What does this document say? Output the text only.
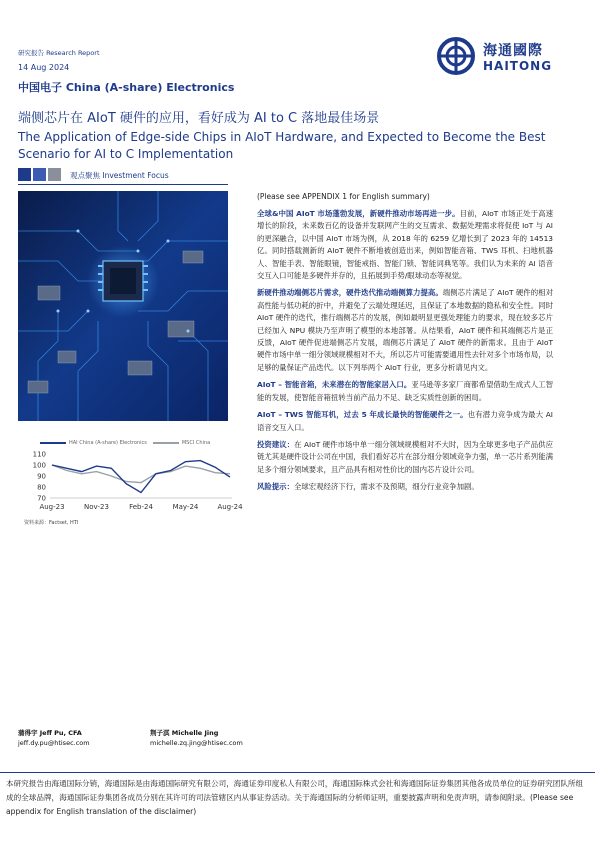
研究报告 Research Report
14 Aug 2024
中国电子 China (A-share) Electronics
端侧芯片在 AIoT 硬件的应用，看好成为 AI to C 落地最佳场景
The Application of Edge-side Chips in AIoT Hardware, and Expected to Become the Best Scenario for AI to C Implementation
海通國際
HAITONG
观点聚焦 Investment Focus
HAI China (A-share) Electronics	MSCI China
70
80
90
100
110
Aug-23	Nov-23	Feb-24	May-24	Aug-24
资料来源：Factset, HTI
(Please see APPENDIX 1 for English summary)

全球&中国 AIoT 市场蓬勃发展，新硬件推动市场再进一步。目前，AIoT 市场正处于高速增长的阶段，未来数百亿的设备并发联网产生的交互需求、数据处理需求将促使 IoT 与 AI 的更深融合，以中国 AIoT 市场为例，从 2018 年的 6259 亿增长到了 2023 年的 14513 亿。同时搭载测新的 AIoT 硬件不断地被创造出来，例如智能音箱、TWS 耳机、扫地机器人、智能手表、智能眼镜，智能戒指、智能门锁、智能词典笔等。我们认为未来的 AI 语音交互入口可能是多硬件并存的，且拓展到手势/眼球动态等视觉。

新硬件推动端侧芯片需求，硬件迭代推动端侧算力提高。端侧芯片满足了 AIoT 硬件的相对高性能与低功耗的折中，并避免了云端处理延迟，且保证了本地数据的隐私和安全性。同时 AIoT 硬件的迭代，推行端侧芯片的发展，例如最明显更强处理能力的要求，现在较多芯片已经加入 NPU 模块乃至声明了模型的本地部署。从结果看，AIoT 硬件和其端侧芯片是正反馈，AIoT 硬件促进端侧芯片发展，端侧芯片满足了 AIoT 硬件的新需求。且由于 AIoT 硬件市场中单一细分领域规模相对不大，所以芯片可能需要通用性去针对多个市场布局，以足够的量保证产品迭代。以下列举两个 AIoT 行业，更多分析请见内文。

AIoT – 智能音箱，未来潜在的智能家居入口。亚马逊等多家厂商都希望借助生成式人工智能的发展，使智能音箱扭转当前产品力不足、缺乏实质性创新的困局。

AIoT – TWS 智能耳机，过去 5 年成长最快的智能硬件之一。也有潜力竞争成为最大 AI 语音交互入口。

投资建议：在 AIoT 硬件市场中单一细分领域规模相对不大时，因为全球更多电子产品供应链尤其是硬件设计公司在中国，我们看好芯片在部分细分领域竞争力强，单一芯片系列能满足多个细分领域要求，且产品具有相对性价比的国内芯片设计公司。

风险提示：全球宏观经济下行，需求不及预期，细分行业竞争加剧。

蒲得宇 Jeff Pu, CFA
jeff.dy.pu@htisec.com
荆子淇 Michelle Jing
michelle.zq.jing@htisec.com
本研究报告由海通国际分销，海通国际是由海通国际研究有限公司，海通证券印度私人有限公司，海通国际株式会社和海通国际证券集团其他各成员单位的证券研究团队所组成的全球品牌，海通国际证券集团各成员分别在其许可的司法管辖区内从事证券活动。关于海通国际的分析师证明，重要披露声明和免责声明，请参阅附录。(Please see appendix for English translation of the disclaimer)
